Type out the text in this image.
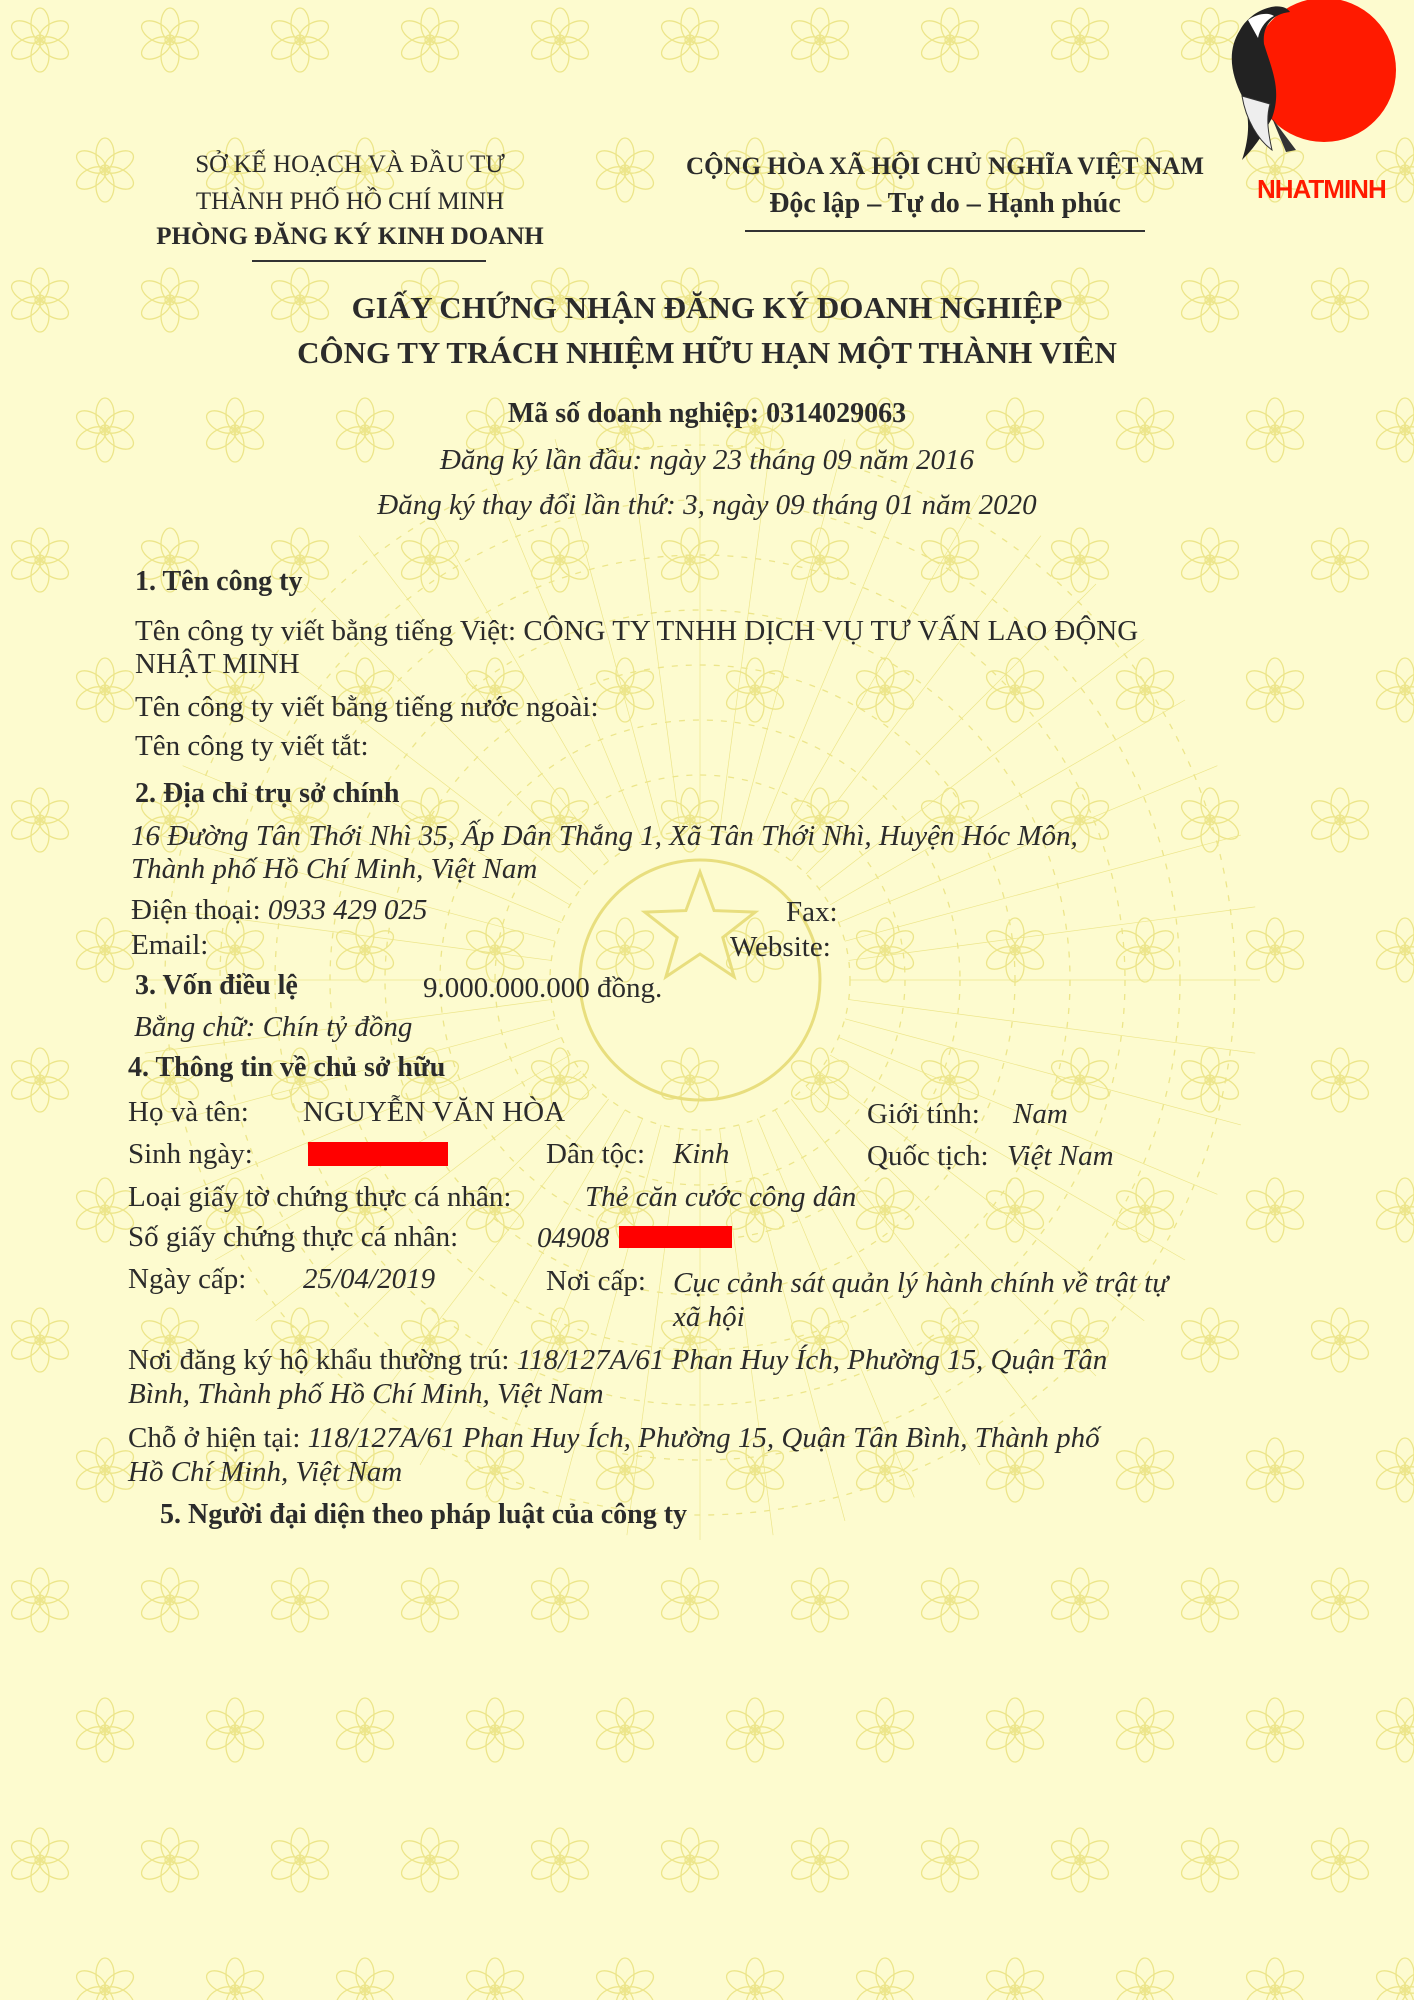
NHATMINH
SỞ KẾ HOẠCH VÀ ĐẦU TƯ
THÀNH PHỐ HỒ CHÍ MINH
PHÒNG ĐĂNG KÝ KINH DOANH
CỘNG HÒA XÃ HỘI CHỦ NGHĨA VIỆT NAM
Độc lập – Tự do – Hạnh phúc
GIẤY CHỨNG NHẬN ĐĂNG KÝ DOANH NGHIỆP
CÔNG TY TRÁCH NHIỆM HỮU HẠN MỘT THÀNH VIÊN
Mã số doanh nghiệp: 0314029063
Đăng ký lần đầu: ngày 23 tháng 09 năm 2016
Đăng ký thay đổi lần thứ: 3, ngày 09 tháng 01 năm 2020
1. Tên công ty
Tên công ty viết bằng tiếng Việt: CÔNG TY TNHH DỊCH VỤ TƯ VẤN LAO ĐỘNG
NHẬT MINH
Tên công ty viết bằng tiếng nước ngoài:
Tên công ty viết tắt:
2. Địa chỉ trụ sở chính
16 Đường Tân Thới Nhì 35, Ấp Dân Thắng 1, Xã Tân Thới Nhì, Huyện Hóc Môn,
Thành phố Hồ Chí Minh, Việt Nam
Điện thoại: 0933 429 025	Fax:
Email:	Website:
3. Vốn điều lệ	9.000.000.000 đồng.
Bằng chữ: Chín tỷ đồng
4. Thông tin về chủ sở hữu
Họ và tên: NGUYỄN VĂN HÒA	Giới tính: Nam
Sinh ngày:	Dân tộc: Kinh	Quốc tịch: Việt Nam
Loại giấy tờ chứng thực cá nhân:	Thẻ căn cước công dân
Số giấy chứng thực cá nhân:	04908
Ngày cấp: 25/04/2019	Nơi cấp: Cục cảnh sát quản lý hành chính về trật tự
xã hội
Nơi đăng ký hộ khẩu thường trú: 118/127A/61 Phan Huy Ích, Phường 15, Quận Tân
Bình, Thành phố Hồ Chí Minh, Việt Nam
Chỗ ở hiện tại: 118/127A/61 Phan Huy Ích, Phường 15, Quận Tân Bình, Thành phố
Hồ Chí Minh, Việt Nam
5. Người đại diện theo pháp luật của công ty
